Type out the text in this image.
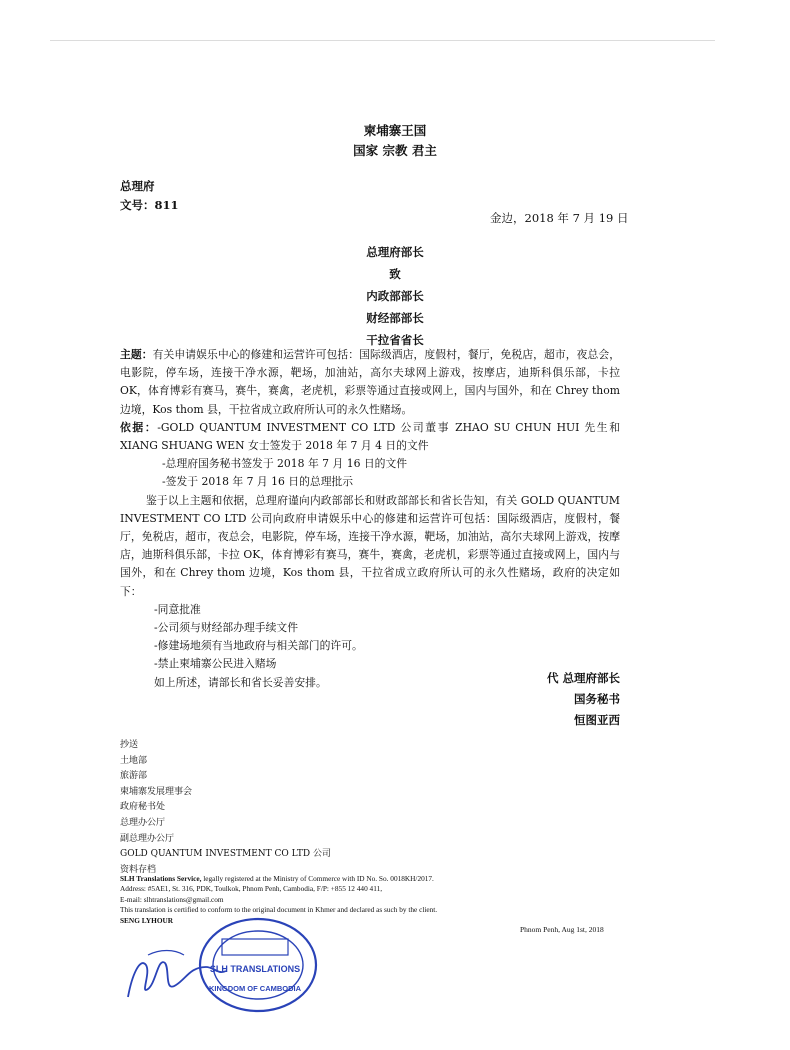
柬埔寨王国
国家 宗教 君主
总理府
文号：811
金边，2018 年 7 月 19 日
总理府部长
致
内政部部长
财经部部长
干拉省省长

主题：有关申请娱乐中心的修建和运营许可包括：国际级酒店，度假村，餐厅，免税店，超市，夜总会，电影院，停车场，连接干净水源，靶场，加油站，高尔夫球网上游戏，按摩店，迪斯科俱乐部，卡拉 OK，体育博彩有赛马，赛牛，赛禽，老虎机，彩票等通过直接或网上，国内与国外，和在 Chrey thom 边境，Kos thom 县，干拉省成立政府所认可的永久性赌场。

依据：-GOLD QUANTUM INVESTMENT CO LTD 公司董事 ZHAO SU CHUN HUI 先生和 XIANG SHUANG WEN 女士签发于 2018 年 7 月 4 日的文件

-总理府国务秘书签发于 2018 年 7 月 16 日的文件

-签发于 2018 年 7 月 16 日的总理批示

鉴于以上主题和依据，总理府谨向内政部部长和财政部部长和省长告知，有关 GOLD QUANTUM INVESTMENT CO LTD 公司向政府申请娱乐中心的修建和运营许可包括：国际级酒店，度假村，餐厅，免税店，超市，夜总会，电影院，停车场，连接干净水源，靶场，加油站，高尔夫球网上游戏，按摩店，迪斯科俱乐部，卡拉 OK，体育博彩有赛马，赛牛，赛禽，老虎机，彩票等通过直接或网上，国内与国外，和在 Chrey thom 边境，Kos thom 县，干拉省成立政府所认可的永久性赌场，政府的决定如下：

-同意批准

-公司须与财经部办理手续文件

-修建场地须有当地政府与相关部门的许可。

-禁止柬埔寨公民进入赌场

如上所述，请部长和省长妥善安排。	代 总理府部长
国务秘书
恒图亚西
抄送
土地部
旅游部
柬埔寨发展理事会
政府秘书处
总理办公厅
副总理办公厅
GOLD QUANTUM INVESTMENT CO LTD 公司
资料存档
SLH Translations Service, legally registered at the Ministry of Commerce with ID No. So. 0018KH/2017.
Address: #5AE1, St. 316, PDK, Toulkok, Phnom Penh, Cambodia, F/P: +855 12 440 411,
E-mail: slhtranslations@gmail.com
This translation is certified to conform to the original document in Khmer and declared as such by the client.
SENG LYHOUR
Phnom Penh, Aug 1st, 2018
SLH TRANSLATIONS
KINGDOM OF CAMBODIA
